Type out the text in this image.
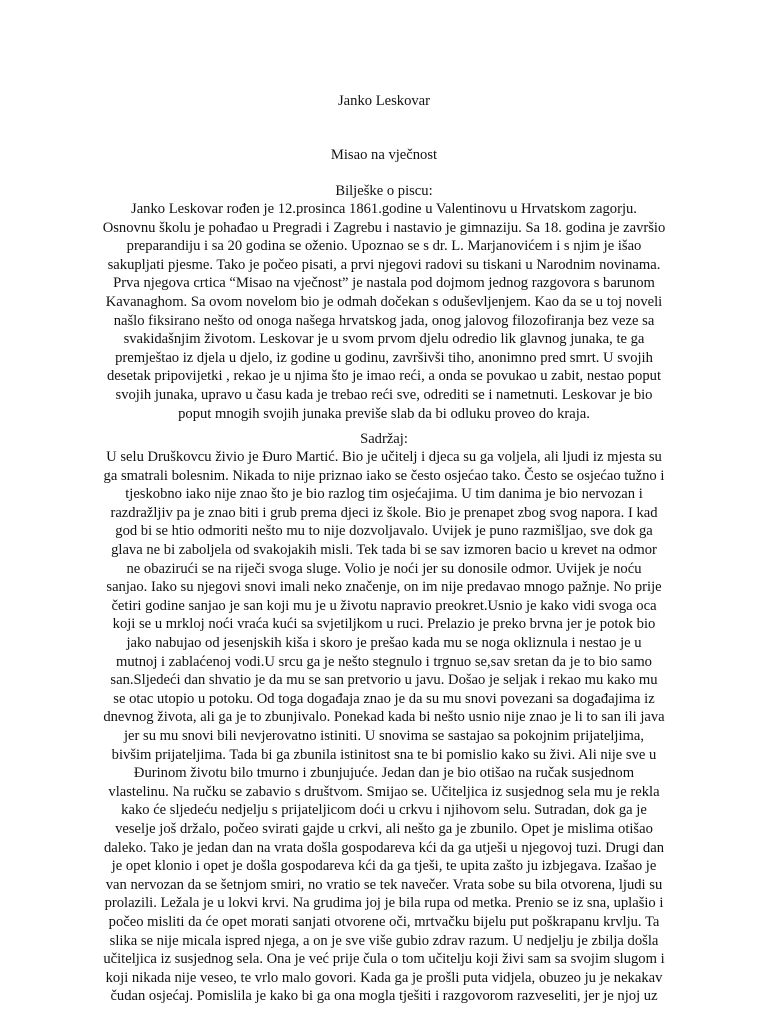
Janko Leskovar
Misao na vječnost
Bilješke o piscu:
Janko Leskovar rođen je 12.prosinca 1861.godine u Valentinovu u Hrvatskom zagorju.
Osnovnu školu je pohađao u Pregradi i Zagrebu i nastavio je gimnaziju. Sa 18. godina je završio
preparandiju i sa 20 godina se oženio. Upoznao se s dr. L. Marjanovićem i s njim je išao
sakupljati pjesme. Tako je počeo pisati, a prvi njegovi radovi su tiskani u Narodnim novinama.
Prva njegova crtica “Misao na vječnost” je nastala pod dojmom jednog razgovora s barunom
Kavanaghom. Sa ovom novelom bio je odmah dočekan s oduševljenjem. Kao da se u toj noveli
našlo fiksirano nešto od onoga našega hrvatskog jada, onog jalovog filozofiranja bez veze sa
svakidašnjim životom. Leskovar je u svom prvom djelu odredio lik glavnog junaka, te ga
premještao iz djela u djelo, iz godine u godinu, završivši tiho, anonimno pred smrt. U svojih
desetak pripovijetki , rekao je u njima što je imao reći, a onda se povukao u zabit, nestao poput
svojih junaka, upravo u času kada je trebao reći sve, odrediti se i nametnuti. Leskovar je bio
poput mnogih svojih junaka previše slab da bi odluku proveo do kraja.
Sadržaj:
U selu Druškovcu živio je Đuro Martić. Bio je učitelj i djeca su ga voljela, ali ljudi iz mjesta su
ga smatrali bolesnim. Nikada to nije priznao iako se često osjećao tako. Često se osjećao tužno i
tjeskobno iako nije znao što je bio razlog tim osjećajima. U tim danima je bio nervozan i
razdražljiv pa je znao biti i grub prema djeci iz škole. Bio je prenapet zbog svog napora. I kad
god bi se htio odmoriti nešto mu to nije dozvoljavalo. Uvijek je puno razmišljao, sve dok ga
glava ne bi zaboljela od svakojakih misli. Tek tada bi se sav izmoren bacio u krevet na odmor
ne obazirući se na riječi svoga sluge. Volio je noći jer su donosile odmor. Uvijek je noću
sanjao. Iako su njegovi snovi imali neko značenje, on im nije predavao mnogo pažnje. No prije
četiri godine sanjao je san koji mu je u životu napravio preokret.Usnio je kako vidi svoga oca
koji se u mrkloj noći vraća kući sa svjetiljkom u ruci. Prelazio je preko brvna jer je potok bio
jako nabujao od jesenjskih kiša i skoro je prešao kada mu se noga okliznula i nestao je u
mutnoj i zablaćenoj vodi.U srcu ga je nešto stegnulo i trgnuo se,sav sretan da je to bio samo
san.Sljedeći dan shvatio je da mu se san pretvorio u javu. Došao je seljak i rekao mu kako mu
se otac utopio u potoku. Od toga događaja znao je da su mu snovi povezani sa događajima iz
dnevnog života, ali ga je to zbunjivalo. Ponekad kada bi nešto usnio nije znao je li to san ili java
jer su mu snovi bili nevjerovatno istiniti. U snovima se sastajao sa pokojnim prijateljima,
bivšim prijateljima. Tada bi ga zbunila istinitost sna te bi pomislio kako su živi. Ali nije sve u
Đurinom životu bilo tmurno i zbunjujuće. Jedan dan je bio otišao na ručak susjednom
vlastelinu. Na ručku se zabavio s društvom. Smijao se. Učiteljica iz susjednog sela mu je rekla
kako će sljedeću nedjelju s prijateljicom doći u crkvu i njihovom selu. Sutradan, dok ga je
veselje još držalo, počeo svirati gajde u crkvi, ali nešto ga je zbunilo. Opet je mislima otišao
daleko. Tako je jedan dan na vrata došla gospodareva kći da ga utješi u njegovoj tuzi. Drugi dan
je opet klonio i opet je došla gospodareva kći da ga tješi, te upita zašto ju izbjegava. Izašao je
van nervozan da se šetnjom smiri, no vratio se tek navečer. Vrata sobe su bila otvorena, ljudi su
prolazili. Ležala je u lokvi krvi. Na grudima joj je bila rupa od metka. Prenio se iz sna, uplašio i
počeo misliti da će opet morati sanjati otvorene oči, mrtvačku bijelu put poškrapanu krvlju. Ta
slika se nije micala ispred njega, a on je sve više gubio zdrav razum. U nedjelju je zbilja došla
učiteljica iz susjednog sela. Ona je već prije čula o tom učitelju koji živi sam sa svojim slugom i
koji nikada nije veseo, te vrlo malo govori. Kada ga je prošli puta vidjela, obuzeo ju je nekakav
čudan osjećaj. Pomislila je kako bi ga ona mogla tješiti i razgovorom razveseliti, jer je njoj uz
